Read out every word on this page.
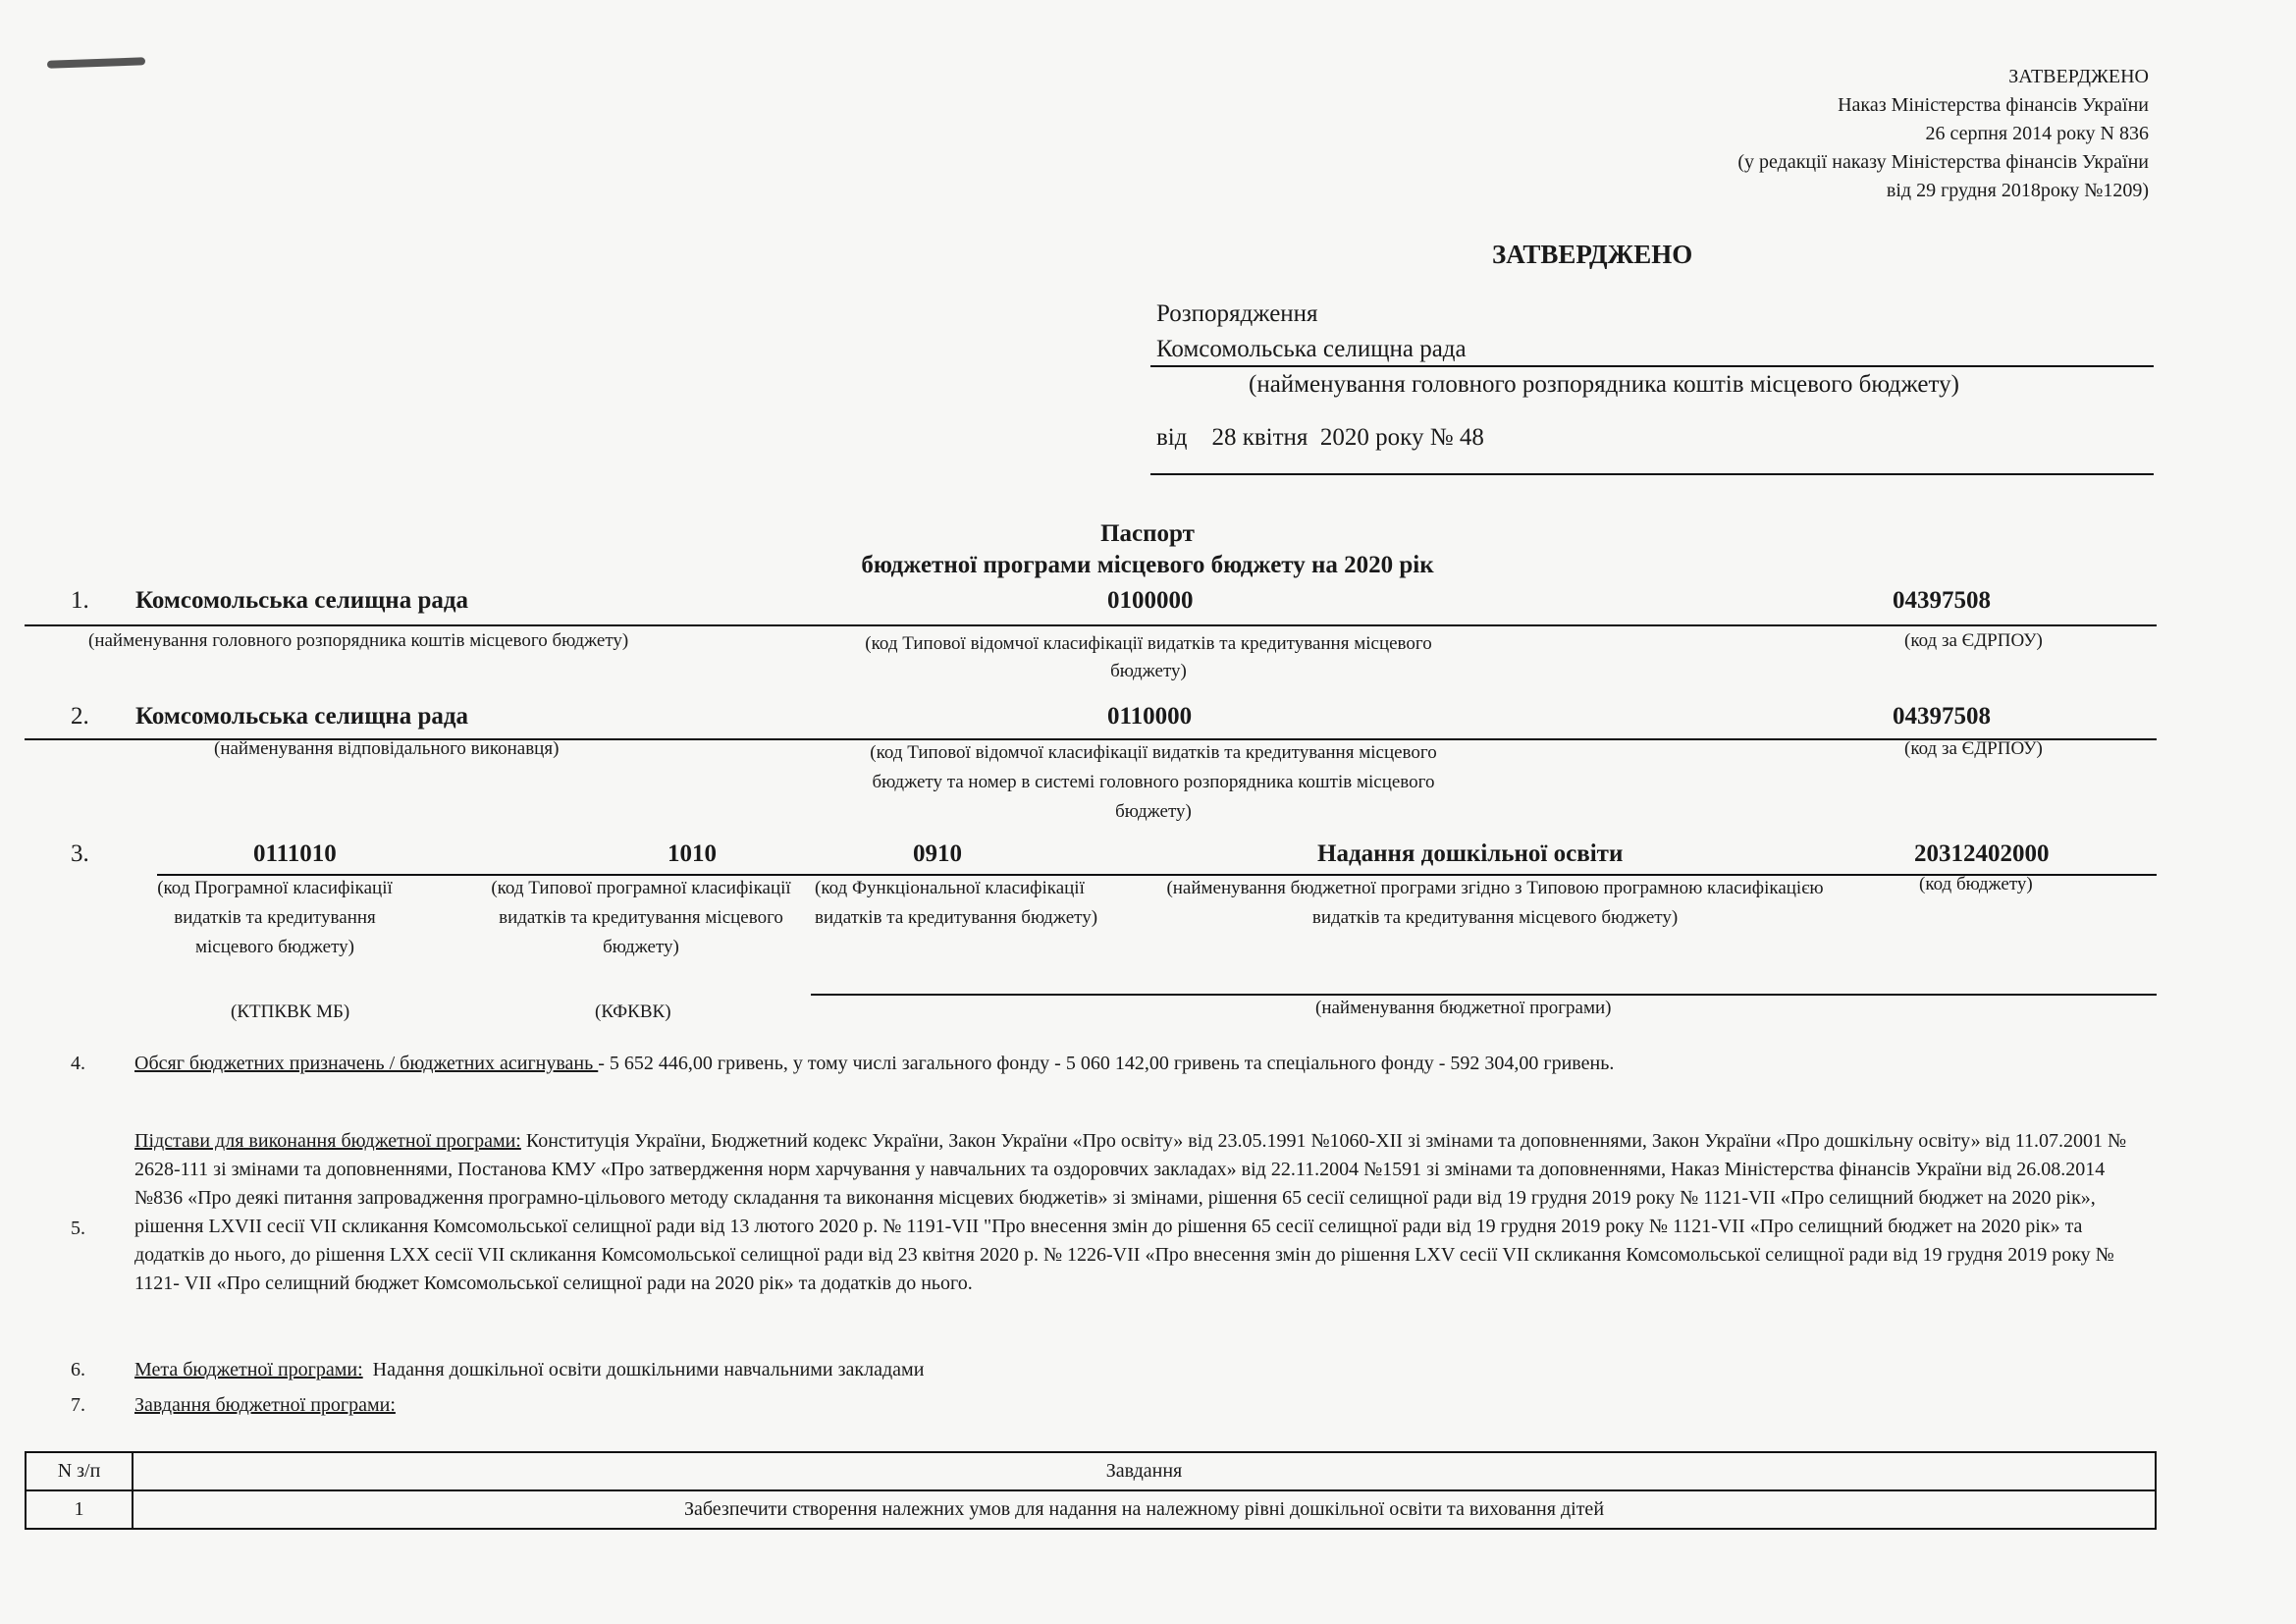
ЗАТВЕРДЖЕНО
Наказ Міністерства фінансів України
26 серпня 2014 року N 836
(у редакції наказу Міністерства фінансів України
від 29 грудня 2018року №1209)
ЗАТВЕРДЖЕНО
Розпорядження
Комсомольська селищна рада
(найменування головного розпорядника коштів місцевого бюджету)
від    28 квітня  2020 року № 48
Паспорт
бюджетної програми місцевого бюджету на 2020 рік
1. Комсомольська селищна рада	0100000	04397508
(найменування головного розпорядника коштів місцевого бюджету)	(код Типової відомчої класифікації видатків та кредитування місцевого бюджету)
(код за ЄДРПОУ)
2. Комсомольська селищна рада	0110000	04397508
(найменування відповідального виконавця)	(код Типової відомчої класифікації видатків та кредитування місцевого бюджету та номер в системі головного розпорядника коштів місцевого бюджету)
(код за ЄДРПОУ)
3.	0111010	1010	0910	Надання дошкільної освіти	20312402000
(код Програмної класифікації видатків та кредитування місцевого бюджету)
(код Типової програмної класифікації видатків та кредитування місцевого бюджету)
(код Функціональної класифікації видатків та кредитування бюджету)
(найменування бюджетної програми згідно з Типовою програмною класифікацією видатків та кредитування місцевого бюджету)
(код бюджету)
(КТПКВК МБ)	(КФКВК)	(найменування бюджетної програми)
4.	Обсяг бюджетних призначень / бюджетних асигнувань - 5 652 446,00 гривень, у тому числі загального фонду - 5 060 142,00 гривень та спеціального фонду - 592 304,00 гривень.
5.
Підстави для виконання бюджетної програми: Конституція України, Бюджетний кодекс України, Закон України «Про освіту» від 23.05.1991 №1060-XII зі змінами та доповненнями, Закон України «Про дошкільну освіту» від 11.07.2001 № 2628-111 зі змінами та доповненнями, Постанова КМУ «Про затвердження норм харчування у навчальних та оздоровчих закладах» від 22.11.2004 №1591 зі змінами та доповненнями, Наказ Міністерства фінансів України від 26.08.2014 №836 «Про деякі питання запровадження програмно-цільового методу складання та виконання місцевих бюджетів» зі змінами, рішення 65 сесії селищної ради від 19 грудня 2019 року № 1121-VII «Про селищний бюджет на 2020 рік», рішення LXVII сесії VII скликання Комсомольської селищної ради від 13 лютого 2020 р. № 1191-VII "Про внесення змін до рішення 65 сесії селищної ради від 19 грудня 2019 року № 1121-VII «Про селищний бюджет на 2020 рік» та додатків до нього, до рішення LXX сесії VII скликання Комсомольської селищної ради від 23 квітня 2020 р. № 1226-VII «Про внесення змін до рішення LXV сесії VII скликання Комсомольської селищної ради від 19 грудня 2019 року № 1121- VII «Про селищний бюджет Комсомольської селищної ради на 2020 рік» та додатків до нього.
6.	Мета бюджетної програми:  Надання дошкільної освіти дошкільними навчальними закладами
7.	Завдання бюджетної програми:
N з/п	Завдання
1	Забезпечити створення належних умов для надання на належному рівні дошкільної освіти та виховання дітей
